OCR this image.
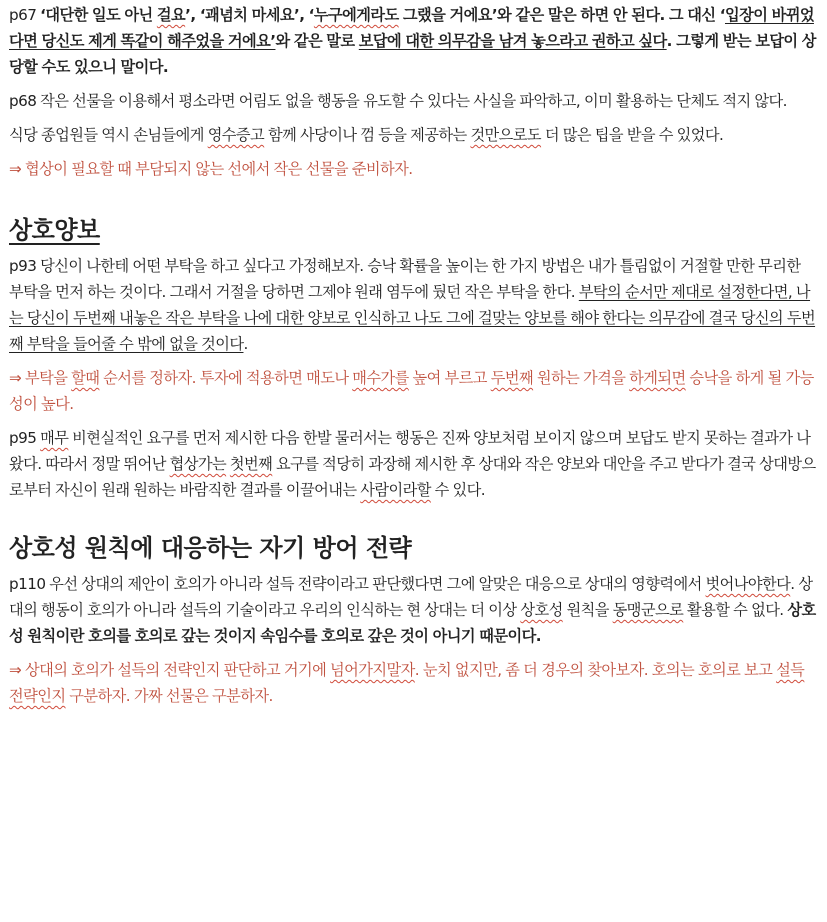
p67 ‘대단한 일도 아닌 걸요’, ‘괘념치 마세요’, ‘누구에게라도 그랬을 거에요’와 같은 말은 하면 안 된다. 그 대신 ‘입장이 바뀌었다면 당신도 제게 똑같이 해주었을 거에요’와 같은 말로 보답에 대한 의무감을 남겨 놓으라고 권하고 싶다. 그렇게 받는 보답이 상당할 수도 있으니 말이다.

p68 작은 선물을 이용해서 평소라면 어림도 없을 행동을 유도할 수 있다는 사실을 파악하고, 이미 활용하는 단체도 적지 않다.

식당 종업원들 역시 손님들에게 영수증고 함께 사당이나 껌 등을 제공하는 것만으로도 더 많은 팁을 받을 수 있었다.

⇒ 협상이 필요할 때 부담되지 않는 선에서 작은 선물을 준비하자.

상호양보

p93 당신이 나한테 어떤 부탁을 하고 싶다고 가정해보자. 승낙 확률을 높이는 한 가지 방법은 내가 틀림없이 거절할 만한 무리한 부탁을 먼저 하는 것이다. 그래서 거절을 당하면 그제야 원래 염두에 뒀던 작은 부탁을 한다. 부탁의 순서만 제대로 설정한다면, 나는 당신이 두번째 내놓은 작은 부탁을 나에 대한 양보로 인식하고 나도 그에 걸맞는 양보를 해야 한다는 의무감에 결국 당신의 두번째 부탁을 들어줄 수 밖에 없을 것이다.

⇒ 부탁을 할때 순서를 정하자. 투자에 적용하면 매도나 매수가를 높여 부르고 두번째 원하는 가격을 하게되면 승낙을 하게 될 가능성이 높다.

p95 매무 비현실적인 요구를 먼저 제시한 다음 한발 물러서는 행동은 진짜 양보처럼 보이지 않으며 보답도 받지 못하는 결과가 나왔다. 따라서 정말 뛰어난 협상가는 첫번째 요구를 적당히 과장해 제시한 후 상대와 작은 양보와 대안을 주고 받다가 결국 상대방으로부터 자신이 원래 원하는 바람직한 결과를 이끌어내는 사람이라할 수 있다.

상호성 원칙에 대응하는 자기 방어 전략

p110 우선 상대의 제안이 호의가 아니라 설득 전략이라고 판단했다면 그에 알맞은 대응으로 상대의 영향력에서 벗어나야한다. 상대의 행동이 호의가 아니라 설득의 기술이라고 우리의 인식하는 현 상대는 더 이상 상호성 원칙을 동맹군으로 활용할 수 없다. 상호성 원칙이란 호의를 호의로 갚는 것이지 속임수를 호의로 갚은 것이 아니기 때문이다.

⇒ 상대의 호의가 설득의 전략인지 판단하고 거기에 넘어가지말자. 눈치 없지만, 좀 더 경우의 찾아보자. 호의는 호의로 보고 설득전략인지 구분하자. 가짜 선물은 구분하자.
